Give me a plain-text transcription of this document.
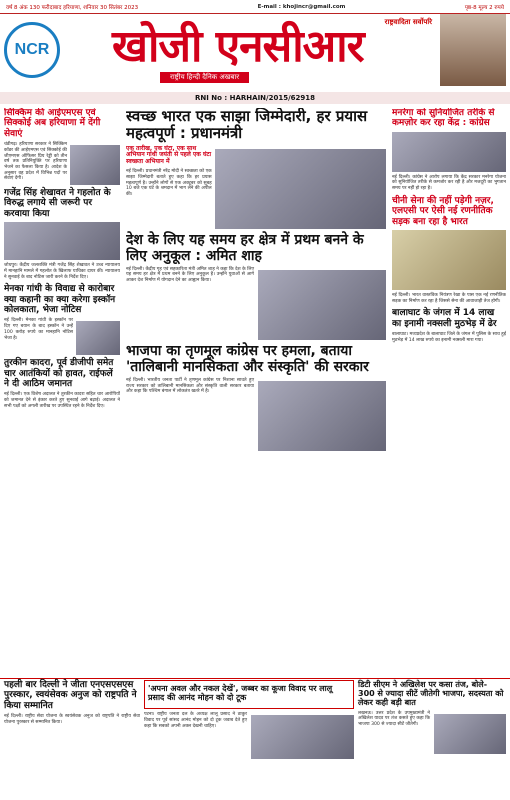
वर्ष 8 अंक 130 फरीदाबाद हरियाणा, शनिवार 30 सितंबर 2023	E-mail : khojincr@gmail.com	पृष्ठ-8 मूल्य 2 रुपये
NCR
राष्ट्रवादिता सर्वोपरि
खोजी एनसीआर
राष्ट्रीय हिन्दी दैनिक अखबार
RNI No : HARHAIN/2015/62918
सिक्किम की आईएमएस एवं सिक्कोई अब हरियाणा में देंगी सेवाएं
चंडीगढ़। हरियाणा सरकार ने सिक्किम कॉडर की आईएमएस एवं सिक्कोई की जीएमएस ऑफिसर प्रिय रेड्डी को तीन वर्ष तक प्रतिनियुक्ति पर हरियाणा भेजने का फैसला किया है। आदेश के अनुसार वह प्रदेश में विभिन्न पदों पर सेवाएं देंगी।
गजेंद्र सिंह शेखावत ने गहलोत के विरुद्ध लगाये सी जरूरी पर करवाया किया
जोधपुर। केंद्रीय जलशक्ति मंत्री गजेंद्र सिंह शेखावत ने उच्च न्यायालय में मानहानि मामले में गहलोत के खिलाफ याचिका दायर की। न्यायालय ने सुनवाई के बाद नोटिस जारी करने के निर्देश दिए।
मेनका गांधी के विवाद्य से कारोबार क्या कहानी का क्या करेगा इस्कॉन कोलकाता, भेजा नोटिस
नई दिल्ली। मेनका गांधी के इस्कॉन पर दिए गए बयान के बाद इस्कॉन ने उन्हें 100 करोड़ रुपये का मानहानि नोटिस भेजा है।
तुरकीन कादरा, पूर्व डीजीपी समेत चार आतंकियों को हावत, राईफलें ने दी आठिम जमानत
नई दिल्ली। एक विशेष अदालत ने तुरकीन कादरा सहित चार आरोपियों को जमानत देने से इंकार करते हुए सुनवाई आगे बढ़ाई। अदालत ने सभी पक्षों को अगली तारीख पर उपस्थित रहने के निर्देश दिए।
स्वच्छ भारत एक साझा जिम्मेदारी, हर प्रयास महत्वपूर्ण : प्रधानमंत्री
एक तारीख, एक घंटा, एक साथ अभियान गांधी जयंती से पहले एक घंटा स्वच्छता अभियान में
नई दिल्ली। प्रधानमंत्री नरेंद्र मोदी ने स्वच्छता को एक साझा जिम्मेदारी बताते हुए कहा कि हर प्रयास महत्वपूर्ण है। उन्होंने लोगों से एक अक्टूबर को सुबह 10 बजे एक घंटे के श्रमदान में भाग लेने की अपील की।
देश के लिए यह समय हर क्षेत्र में प्रथम बनने के लिए अनुकूल : अमित शाह
नई दिल्ली। केंद्रीय गृह एवं सहकारिता मंत्री अमित शाह ने कहा कि देश के लिए यह समय हर क्षेत्र में प्रथम बनने के लिए अनुकूल है। उन्होंने युवाओं से आगे आकर देश निर्माण में योगदान देने का आह्वान किया।
भाजपा का तृणमूल कांग्रेस पर हमला, बताया 'तालिबानी मानसिकता और संस्कृति' की सरकार
नई दिल्ली। भारतीय जनता पार्टी ने तृणमूल कांग्रेस पर निशाना साधते हुए राज्य सरकार को तालिबानी मानसिकता और संस्कृति वाली सरकार बताया और कहा कि पश्चिम बंगाल में लोकतंत्र खतरे में है।
मनरेगा को सुनियोजित तरीके से कमज़ोर कर रहा केंद्र : कांग्रेस
नई दिल्ली। कांग्रेस ने आरोप लगाया कि केंद्र सरकार मनरेगा योजना को सुनियोजित तरीके से कमजोर कर रही है और मजदूरी का भुगतान समय पर नहीं हो रहा है।
चीनी सेना की नहीं पड़ेगी नज़र, एलएसी पर ऐसी नई रणनीतिक सड़क बना रहा है भारत
नई दिल्ली। भारत वास्तविक नियंत्रण रेखा के पास एक नई रणनीतिक सड़क का निर्माण कर रहा है जिससे सेना की आवाजाही तेज होगी।
बालाघाट के जंगल में 14 लाख का इनामी नक्सली मुठभेड़ में ढेर
बालाघाट। मध्यप्रदेश के बालाघाट जिले के जंगल में पुलिस के साथ हुई मुठभेड़ में 14 लाख रुपये का इनामी नक्सली मारा गया।
पहली बार दिल्ली ने जीता एनएसएसएस पुरस्कार, स्वयंसेवक अनुज को राष्ट्रपति ने किया सम्मानित
नई दिल्ली। राष्ट्रीय सेवा योजना के स्वयंसेवक अनुज को राष्ट्रपति ने राष्ट्रीय सेवा योजना पुरस्कार से सम्मानित किया।
'अपना अवल और नकल देखें', जब्बर का कूजा विवाद पर लालू प्रसाद की आनंद मोहन को दो टूक
पटना। राष्ट्रीय जनता दल के अध्यक्ष लालू प्रसाद ने ठाकुर विवाद पर पूर्व सांसद आनंद मोहन को दो टूक जवाब देते हुए कहा कि सबको अपनी अक्ल देखनी चाहिए।
डिटी सीएम ने अखिलेश पर कसा तंज, बोले- 300 से ज्यादा सीटें जीतेगी भाजपा, सदस्यता को लेकर कही बड़ी बात
लखनऊ। उत्तर प्रदेश के उपमुख्यमंत्री ने अखिलेश यादव पर तंज कसते हुए कहा कि भाजपा 300 से ज्यादा सीटें जीतेगी।
